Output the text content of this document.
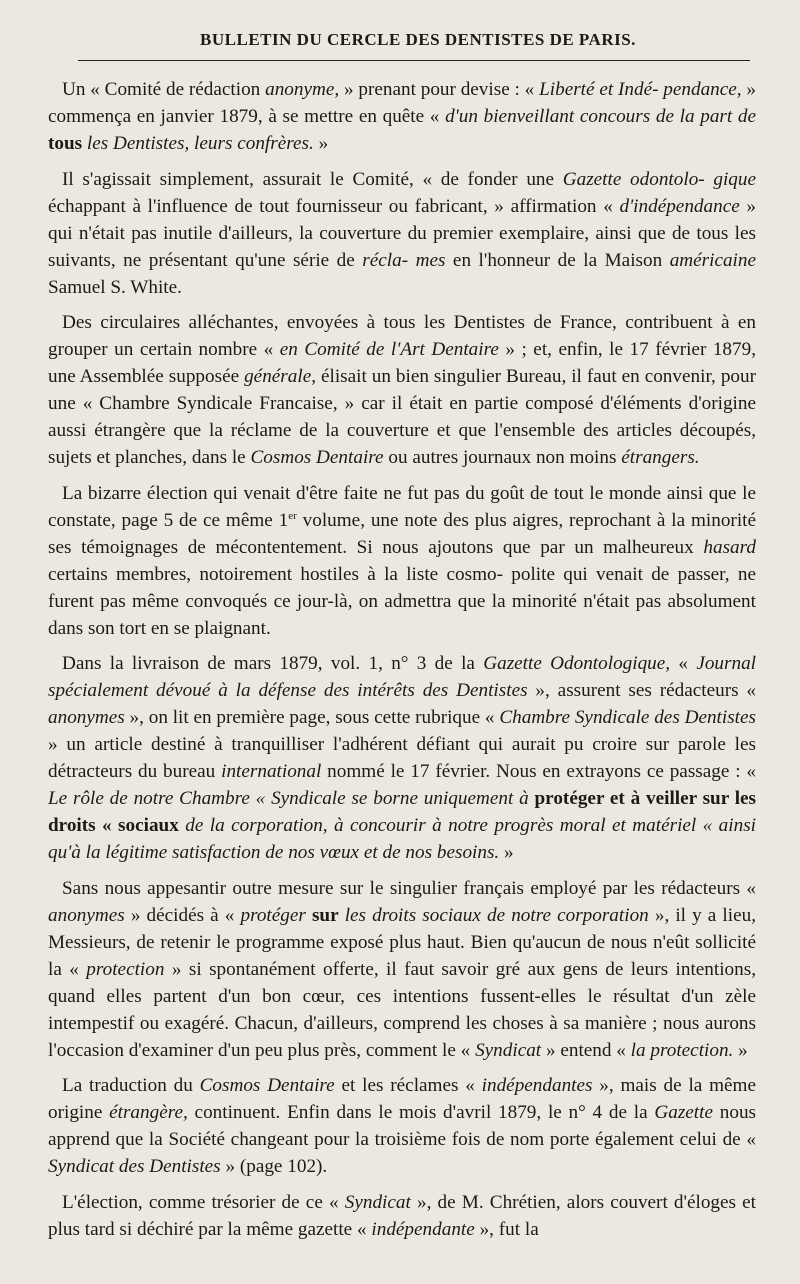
BULLETIN DU CERCLE DES DENTISTES DE PARIS.

Un « Comité de rédaction anonyme, » prenant pour devise : « Liberté et Indé- pendance, » commença en janvier 1879, à se mettre en quête « d'un bienveillant concours de la part de tous les Dentistes, leurs confrères. »

Il s'agissait simplement, assurait le Comité, « de fonder une Gazette odontolo- gique échappant à l'influence de tout fournisseur ou fabricant, » affirmation « d'indépendance » qui n'était pas inutile d'ailleurs, la couverture du premier exemplaire, ainsi que de tous les suivants, ne présentant qu'une série de récla- mes en l'honneur de la Maison américaine Samuel S. White.

Des circulaires alléchantes, envoyées à tous les Dentistes de France, contribuent à en grouper un certain nombre « en Comité de l'Art Dentaire » ; et, enfin, le 17 février 1879, une Assemblée supposée générale, élisait un bien singulier Bureau, il faut en convenir, pour une « Chambre Syndicale Francaise, » car il était en partie composé d'éléments d'origine aussi étrangère que la réclame de la couverture et que l'ensemble des articles découpés, sujets et planches, dans le Cosmos Dentaire ou autres journaux non moins étrangers.

La bizarre élection qui venait d'être faite ne fut pas du goût de tout le monde ainsi que le constate, page 5 de ce même 1er volume, une note des plus aigres, reprochant à la minorité ses témoignages de mécontentement. Si nous ajoutons que par un malheureux hasard certains membres, notoirement hostiles à la liste cosmo- polite qui venait de passer, ne furent pas même convoqués ce jour-là, on admettra que la minorité n'était pas absolument dans son tort en se plaignant.

Dans la livraison de mars 1879, vol. 1, n° 3 de la Gazette Odontologique, « Journal spécialement dévoué à la défense des intérêts des Dentistes », assurent ses rédacteurs « anonymes », on lit en première page, sous cette rubrique « Chambre Syndicale des Dentistes » un article destiné à tranquilliser l'adhérent défiant qui aurait pu croire sur parole les détracteurs du bureau international nommé le 17 février. Nous en extrayons ce passage : « Le rôle de notre Chambre « Syndicale se borne uniquement à protéger et à veiller sur les droits « sociaux de la corporation, à concourir à notre progrès moral et matériel « ainsi qu'à la légitime satisfaction de nos vœux et de nos besoins. »

Sans nous appesantir outre mesure sur le singulier français employé par les rédacteurs « anonymes » décidés à « protéger sur les droits sociaux de notre corporation », il y a lieu, Messieurs, de retenir le programme exposé plus haut. Bien qu'aucun de nous n'eût sollicité la « protection » si spontanément offerte, il faut savoir gré aux gens de leurs intentions, quand elles partent d'un bon cœur, ces intentions fussent-elles le résultat d'un zèle intempestif ou exagéré. Chacun, d'ailleurs, comprend les choses à sa manière ; nous aurons l'occasion d'examiner d'un peu plus près, comment le « Syndicat » entend « la protection. »

La traduction du Cosmos Dentaire et les réclames « indépendantes », mais de la même origine étrangère, continuent. Enfin dans le mois d'avril 1879, le n° 4 de la Gazette nous apprend que la Société changeant pour la troisième fois de nom porte également celui de « Syndicat des Dentistes » (page 102).

L'élection, comme trésorier de ce « Syndicat », de M. Chrétien, alors couvert d'éloges et plus tard si déchiré par la même gazette « indépendante », fut la
